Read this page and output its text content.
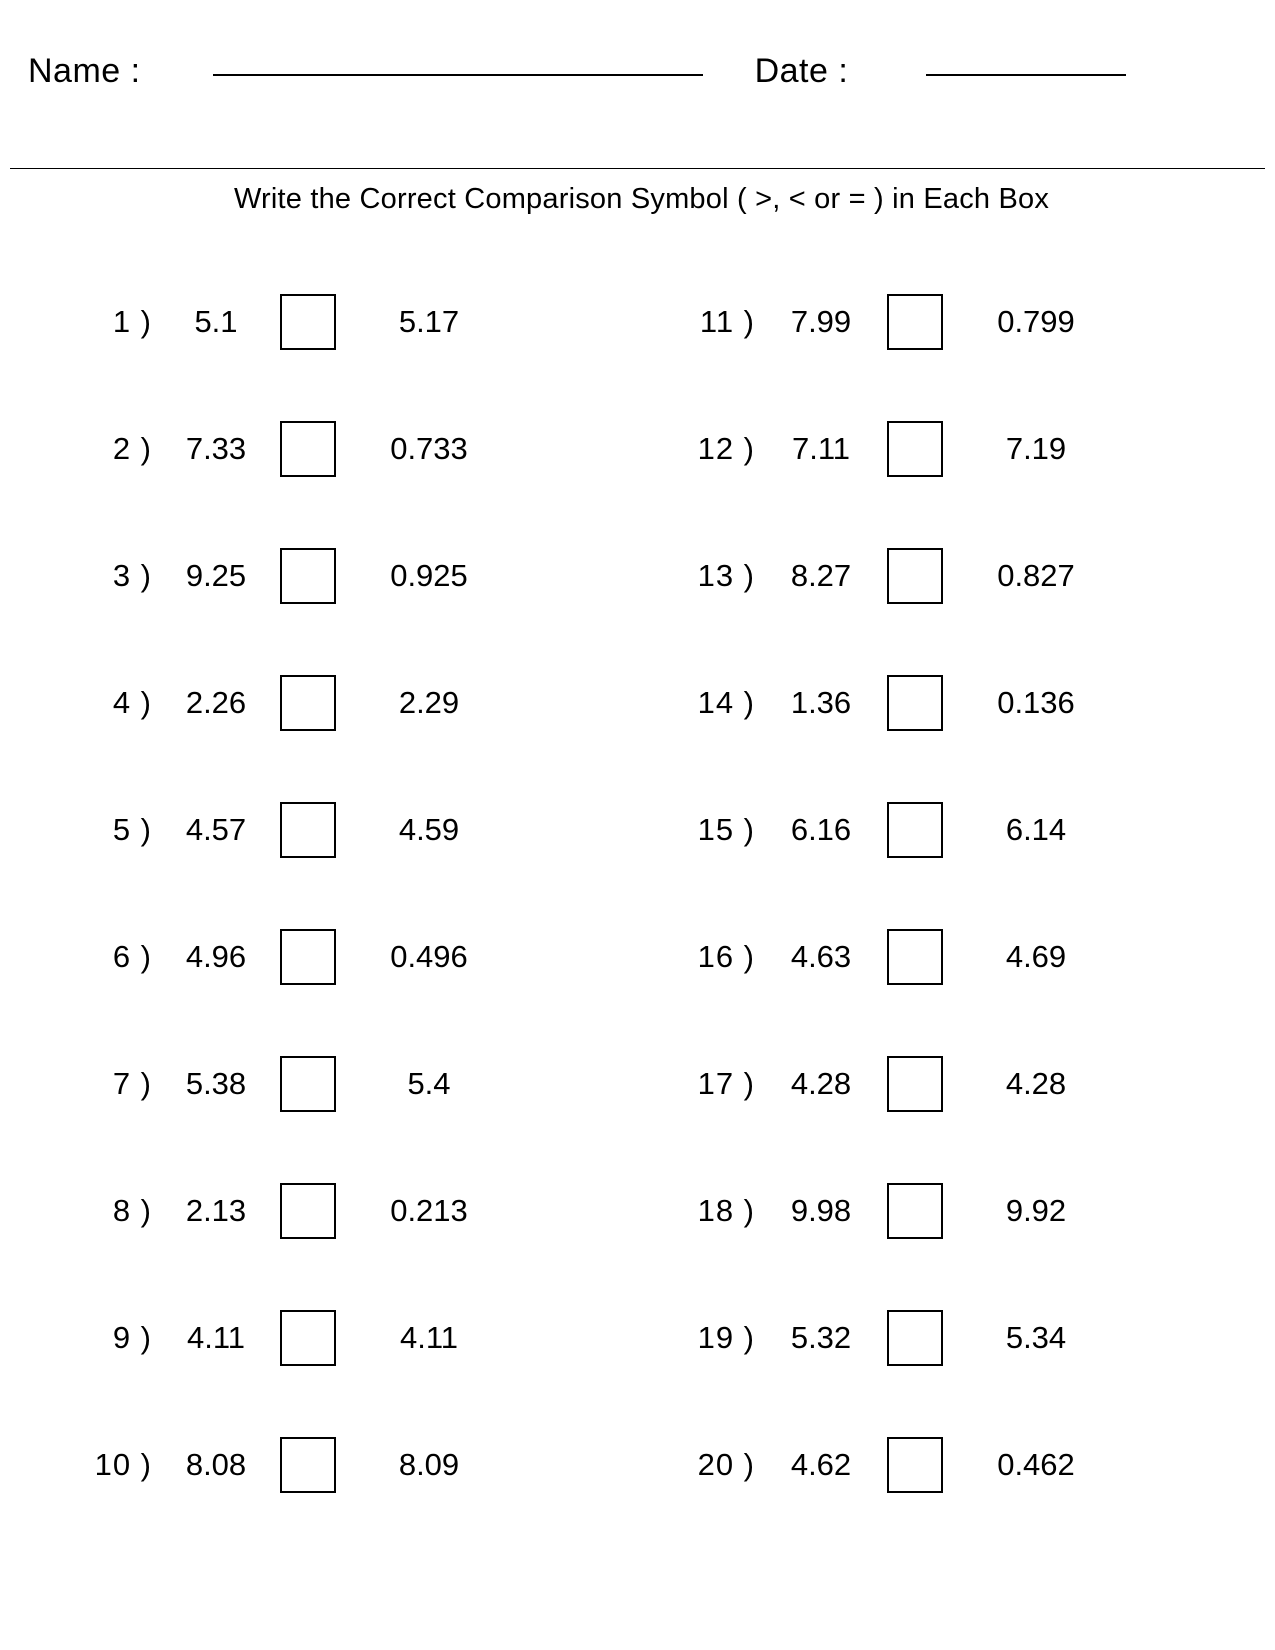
Name :	Date :
Write the Correct Comparison Symbol ( >, < or = ) in Each Box
1 )	5.1	5.17
2 )	7.33	0.733
3 )	9.25	0.925
4 )	2.26	2.29
5 )	4.57	4.59
6 )	4.96	0.496
7 )	5.38	5.4
8 )	2.13	0.213
9 )	4.11	4.11
10 )	8.08	8.09
11 )	7.99	0.799
12 )	7.11	7.19
13 )	8.27	0.827
14 )	1.36	0.136
15 )	6.16	6.14
16 )	4.63	4.69
17 )	4.28	4.28
18 )	9.98	9.92
19 )	5.32	5.34
20 )	4.62	0.462
